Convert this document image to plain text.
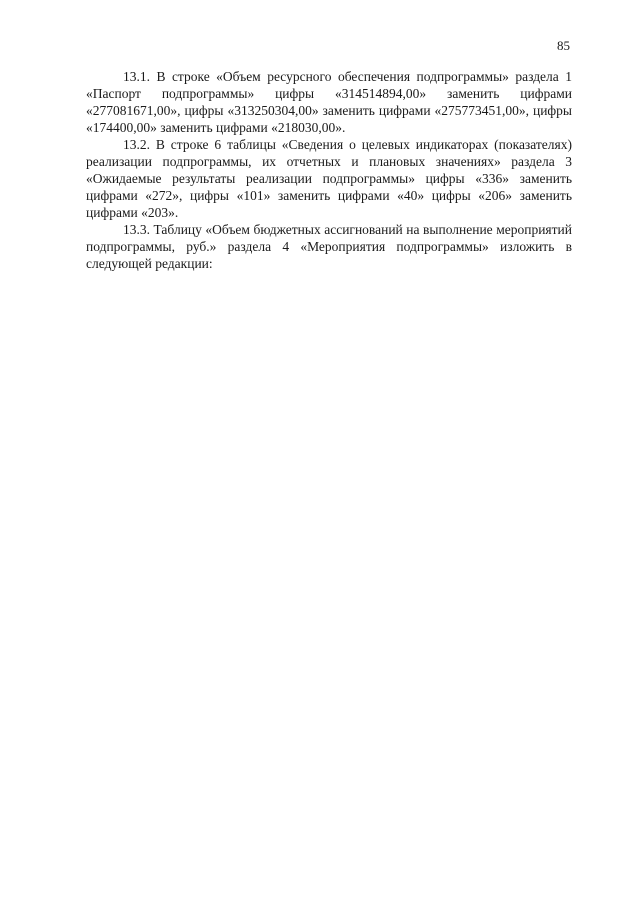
85

13.1. В строке «Объем ресурсного обеспечения подпрограммы» раздела 1 «Паспорт подпрограммы» цифры «314514894,00» заменить цифрами «277081671,00», цифры «313250304,00» заменить цифрами «275773451,00», цифры «174400,00» заменить цифрами «218030,00».

13.2. В строке 6 таблицы «Сведения о целевых индикаторах (показателях) реализации подпрограммы, их отчетных и плановых значениях» раздела 3 «Ожидаемые результаты реализации подпрограммы» цифры «336» заменить цифрами «272», цифры «101» заменить цифрами «40» цифры «206» заменить цифрами «203».

13.3. Таблицу «Объем бюджетных ассигнований на выполнение мероприятий подпрограммы, руб.» раздела 4 «Мероприятия подпрограммы» изложить в следующей редакции:
